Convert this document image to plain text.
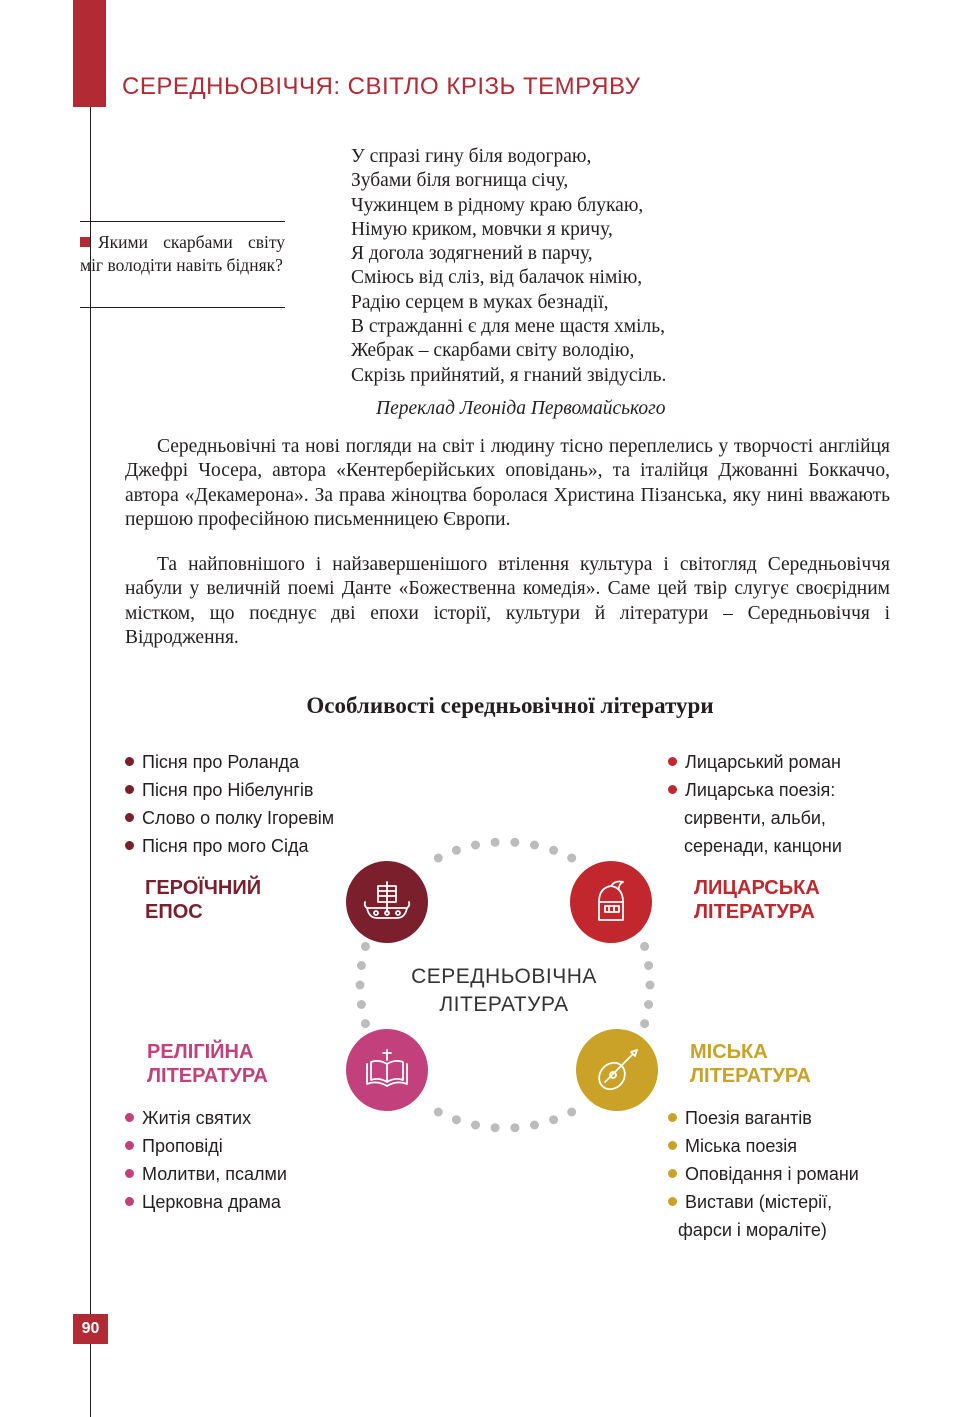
СЕРЕДНЬОВІЧЧЯ: СВІТЛО КРІЗЬ ТЕМРЯВУ
Якими скарбами світу міг володіти навіть бідняк?
У спразі гину біля водограю,
Зубами біля вогнища січу,
Чужинцем в рідному краю блукаю,
Німую криком, мовчки я кричу,
Я догола зодягнений в парчу,
Сміюсь від сліз, від балачок німію,
Радію серцем в муках безнадії,
В стражданні є для мене щастя хміль,
Жебрак – скарбами світу володію,
Скрізь прийнятий, я гнаний звідусіль.
Переклад Леоніда Первомайського
Середньовічні та нові погляди на світ і людину тісно переплелись у творчості англійця Джефрі Чосера, автора «Кентерберійських оповідань», та італійця Джованні Боккаччо, автора «Декамерона». За права жіноцтва боролася Христина Пізанська, яку нині вважають першою професійною письменницею Європи.
Та найповнішого і найзавершенішого втілення культура і світогляд Середньовіччя набули у величній поемі Данте «Божественна комедія». Саме цей твір слугує своєрідним містком, що поєднує дві епохи історії, культури й літератури – Середньовіччя і Відродження.
Особливості середньовічної літератури
Пісня про Роланда
Пісня про Нібелунгів
Слово о полку Ігоревім
Пісня про мого Сіда
ГЕРОЇЧНИЙ
ЕПОС
Лицарський роман
Лицарська поезія:
сирвенти, альби,
серенади, канцони
ЛИЦАРСЬКА
ЛІТЕРАТУРА
СЕРЕДНЬОВІЧНА
ЛІТЕРАТУРА
РЕЛІГІЙНА
ЛІТЕРАТУРА
Житія святих
Проповіді
Молитви, псалми
Церковна драма
МІСЬКА
ЛІТЕРАТУРА
Поезія вагантів
Міська поезія
Оповідання і романи
Вистави (містерії,
фарси і мораліте)
90
